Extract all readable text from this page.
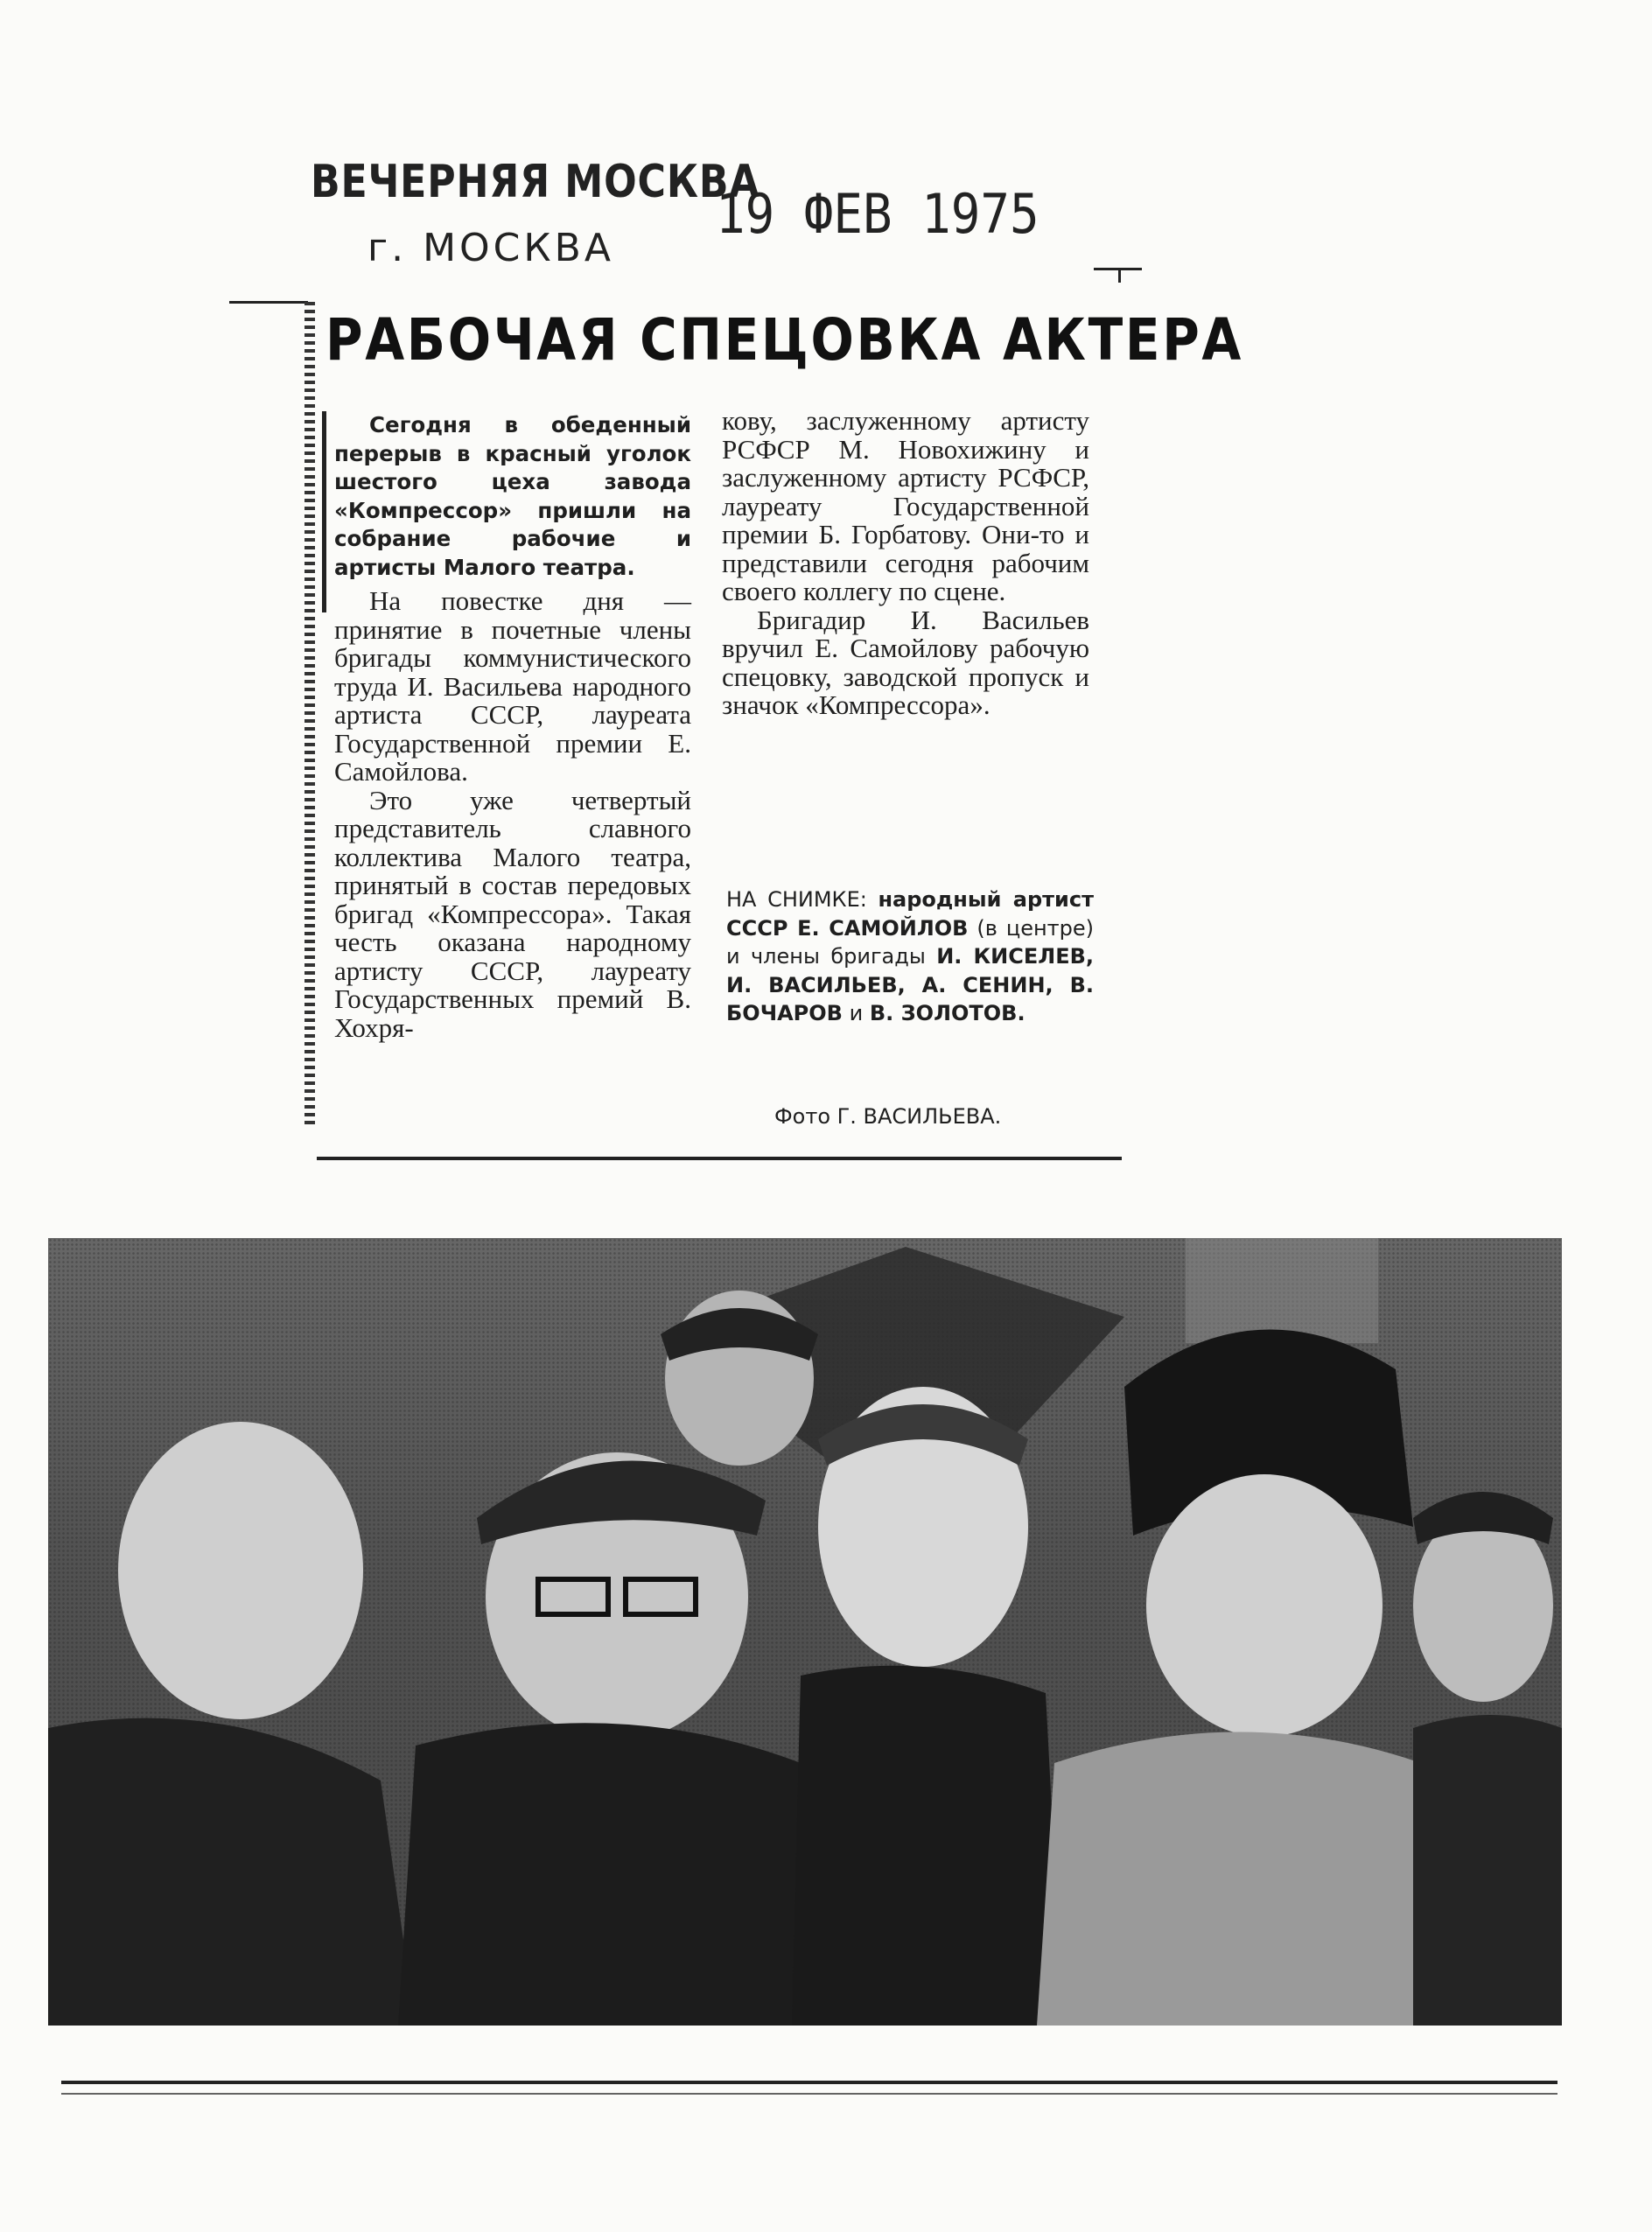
ВЕЧЕРНЯЯ МОСКВА
г. МОСКВА
19 ФЕВ 1975
РАБОЧАЯ СПЕЦОВКА АКТЕРА

Сегодня в обеденный перерыв в красный уголок шестого цеха завода «Компрессор» пришли на собрание рабочие и артисты Малого театра.

На повестке дня — принятие в почетные члены бригады коммунистического труда И. Васильева народного артиста СССР, лауреата Государственной премии Е. Самойлова.

Это уже четвертый представитель славного коллектива Малого театра, принятый в состав передовых бригад «Компрессора». Такая честь оказана народному артисту СССР, лауреату Государственных премий В. Хохря-

кову, заслуженному артисту РСФСР М. Новохижину и заслуженному артисту РСФСР, лауреату Государственной премии Б. Горбатову. Они-то и представили сегодня рабочим своего коллегу по сцене.

Бригадир И. Васильев вручил Е. Самойлову рабочую спецовку, заводской пропуск и значок «Компрессора».

НА СНИМКЕ: народный артист СССР Е. САМОЙЛОВ (в центре) и члены бригады И. КИСЕЛЕВ, И. ВАСИЛЬЕВ, А. СЕНИН, В. БОЧАРОВ и В. ЗОЛОТОВ.
Фото Г. ВАСИЛЬЕВА.
